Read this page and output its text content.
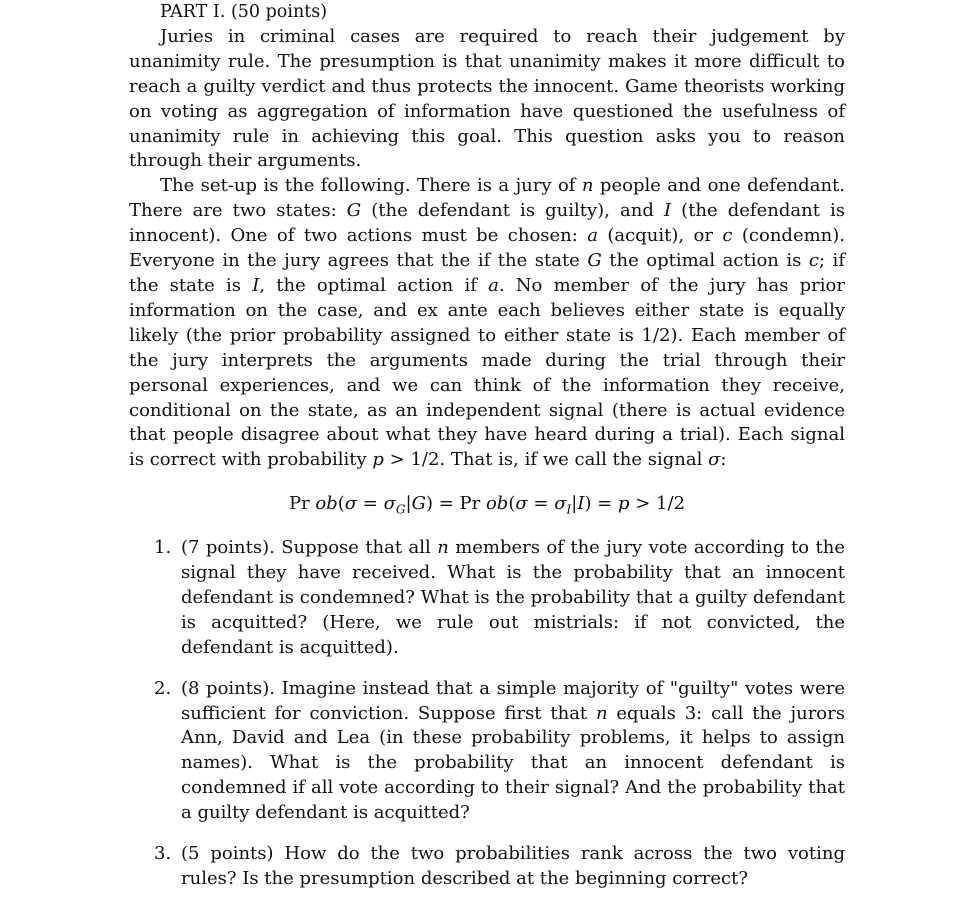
PART I. (50 points)

Juries in criminal cases are required to reach their judgement by unanimity rule. The presumption is that unanimity makes it more difficult to reach a guilty verdict and thus protects the innocent. Game theorists working on voting as aggregation of information have questioned the usefulness of unanimity rule in achieving this goal. This question asks you to reason through their arguments.

The set-up is the following. There is a jury of n people and one defendant. There are two states: G (the defendant is guilty), and I (the defendant is innocent). One of two actions must be chosen: a (acquit), or c (condemn). Everyone in the jury agrees that the if the state G the optimal action is c; if the state is I, the optimal action if a. No member of the jury has prior information on the case, and ex ante each believes either state is equally likely (the prior probability assigned to either state is 1/2). Each member of the jury interprets the arguments made during the trial through their personal experiences, and we can think of the information they receive, conditional on the state, as an independent signal (there is actual evidence that people disagree about what they have heard during a trial). Each signal is correct with probability p > 1/2. That is, if we call the signal σ:

Pr $ob(\sigma = \sigma_G|G) = Pr$ $ob(\sigma = \sigma_I|I) = p > 1/2$
1. (7 points). Suppose that all n members of the jury vote according to the signal they have received. What is the probability that an innocent defendant is condemned? What is the probability that a guilty defendant is acquitted? (Here, we rule out mistrials: if not convicted, the defendant is acquitted).
2. (8 points). Imagine instead that a simple majority of "guilty" votes were sufficient for conviction. Suppose first that n equals 3: call the jurors Ann, David and Lea (in these probability problems, it helps to assign names). What is the probability that an innocent defendant is condemned if all vote according to their signal? And the probability that a guilty defendant is acquitted?
3. (5 points) How do the two probabilities rank across the two voting rules? Is the presumption described at the beginning correct?
